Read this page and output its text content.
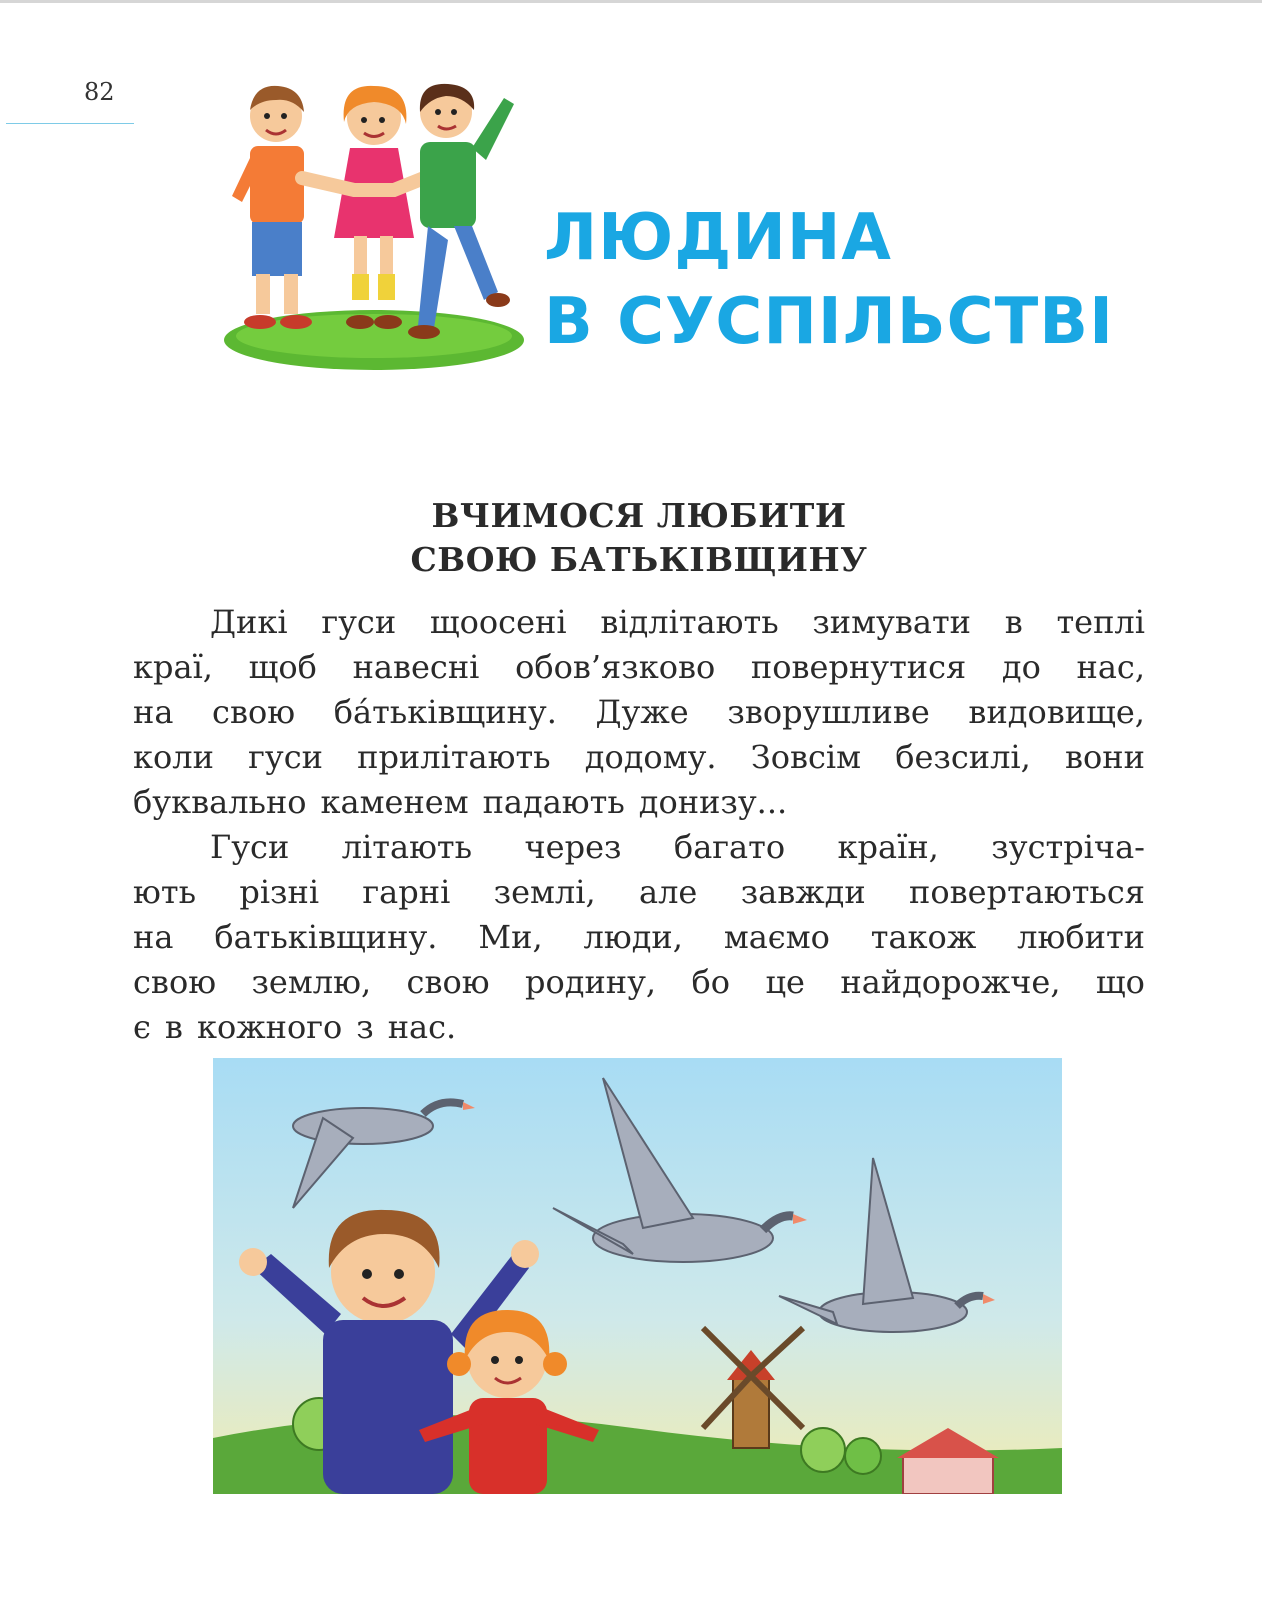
82
ЛЮДИНА
В СУСПІЛЬСТВІ
ВЧИМОСЯ ЛЮБИТИ
СВОЮ БАТЬКІВЩИНУ
Дикі гуси щоосені відлітають зимувати в теплі
краї, щоб навесні обов’язково повернутися до нас,
на свою ба́тьківщину. Дуже зворушливе видовище,
коли гуси прилітають додому. Зовсім безсилі, вони
буквально каменем падають донизу...
Гуси літають через багато країн, зустріча-
ють різні гарні землі, але завжди повертаються
на батьківщину. Ми, люди, маємо також любити
свою землю, свою родину, бо це найдорожче, що
є в кожного з нас.
